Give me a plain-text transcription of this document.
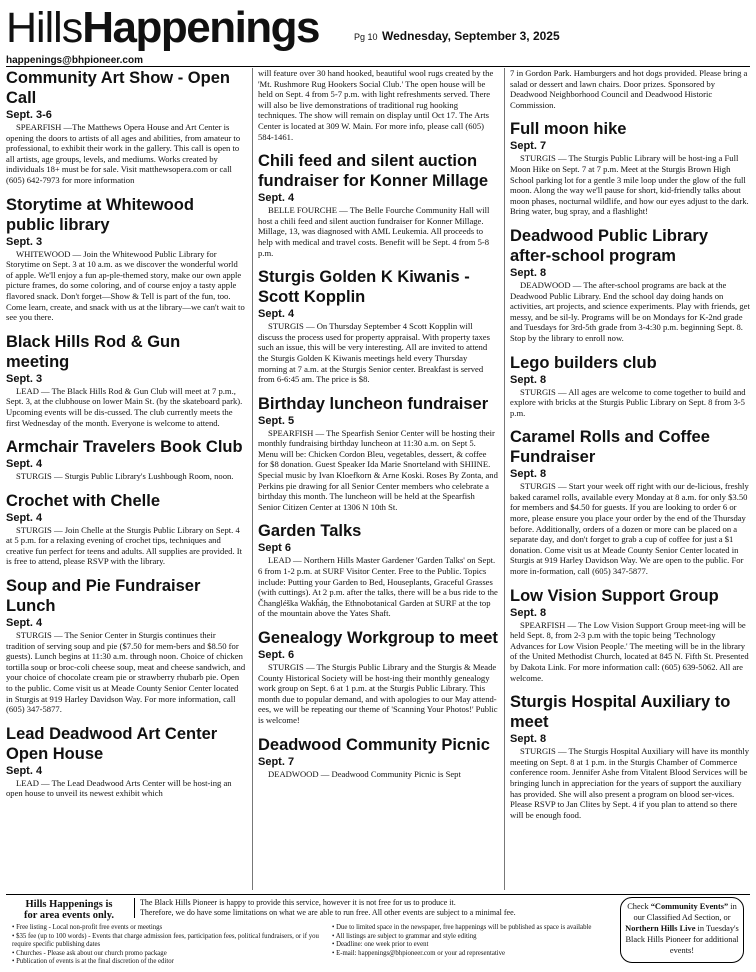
HillsHappenings	Pg 10 Wednesday, September 3, 2025
happenings@bhpioneer.com
Community Art Show - Open Call
Sept. 3-6

SPEARFISH —The Matthews Opera House and Art Center is opening the doors to artists of all ages and abilities, from amateur to professional, to exhibit their work in the gallery. This call is open to all artists, age groups, levels, and mediums. Works created by individuals 18+ must be for sale. Visit matthewsopera.com or call (605) 642-7973 for more information

Storytime at Whitewood public library
Sept. 3

WHITEWOOD — Join the Whitewood Public Library for Storytime on Sept. 3 at 10 a.m. as we discover the wonderful world of apple. We'll enjoy a fun ap-ple-themed story, make our own apple picture frames, do some coloring, and of course enjoy a tasty apple flavored snack. Don't forget—Show & Tell is part of the fun, too. Come learn, create, and snack with us at the library—we can't wait to see you there.

Black Hills Rod & Gun meeting
Sept. 3

LEAD — The Black Hills Rod & Gun Club will meet at 7 p.m., Sept. 3, at the clubhouse on lower Main St. (by the skateboard park). Upcoming events will be dis-cussed. The club currently meets the first Wednesday of the month. Everyone is welcome to attend.

Armchair Travelers Book Club
Sept. 4

STURGIS — Sturgis Public Library's Lushbough Room, noon.

Crochet with Chelle
Sept. 4

STURGIS — Join Chelle at the Sturgis Public Library on Sept. 4 at 5 p.m. for a relaxing evening of crochet tips, techniques and creative fun perfect for teens and adults. All supplies are provided. It is free to attend, please RSVP with the library.

Soup and Pie Fundraiser Lunch
Sept. 4

STURGIS — The Senior Center in Sturgis continues their tradition of serving soup and pie ($7.50 for mem-bers and $8.50 for guests). Lunch begins at 11:30 a.m. through noon. Choice of chicken tortilla soup or broc-coli cheese soup, meat and cheese sandwich, and your choice of chocolate cream pie or strawberry rhubarb pie. Open to the public. Come visit us at Meade County Senior Center located in Sturgis at 919 Harley Davidson Way. For more information, call (605) 347-5877.

Lead Deadwood Art Center Open House
Sept. 4

LEAD — The Lead Deadwood Arts Center will be host-ing an open house to unveil its newest exhibit which

will feature over 30 hand hooked, beautiful wool rugs created by the 'Mt. Rushmore Rug Hookers Social Club.' The open house will be held on Sept. 4 from 5-7 p.m. with light refreshments served. There will also be live demonstrations of traditional rug hooking techniques. The show will remain on display until Oct 17. The Arts Center is located at 309 W. Main. For more info, please call (605) 584-1461.

Chili feed and silent auction fundraiser for Konner Millage
Sept. 4

BELLE FOURCHE — The Belle Fourche Community Hall will host a chili feed and silent auction fundraiser for Konner Millage. Millage, 13, was diagnosed with AML Leukemia. All proceeds to help with medical and travel costs. Benefit will be Sept. 4 from 5-8 p.m.

Sturgis Golden K Kiwanis - Scott Kopplin
Sept. 4

STURGIS — On Thursday September 4 Scott Kopplin will discuss the process used for property appraisal. With property taxes such an issue, this will be very interesting. All are invited to attend the Sturgis Golden K Kiwanis meetings held every Thursday morning at 7 a.m. at the Sturgis Senior center. Breakfast is served from 6-6:45 am. The price is $8.

Birthday luncheon fundraiser
Sept. 5

SPEARFISH — The Spearfish Senior Center will be hosting their monthly fundraising birthday luncheon at 11:30 a.m. on Sept 5. Menu will be: Chicken Cordon Bleu, vegetables, dessert, & coffee for $8 donation. Guest Speaker Ida Marie Snorteland with SHIINE. Special music by Ivan Kloefkorn & Arne Koski. Roses By Zonta, and Perkins pie drawing for all Senior Center members who celebrate a birthday this month. The luncheon will be held at the Spearfish Senior Citizen Center at 1306 N 10th St.

Garden Talks
Sept 6

LEAD — Northern Hills Master Gardener 'Garden Talks' on Sept. 6 from 1-2 p.m. at SURF Visitor Center. Free to the Public. Topics include: Putting your Garden to Bed, Houseplants, Graceful Grasses (with cuttings). At 2 p.m. after the talks, there will be a bus ride to the Čhangléška Wakȟáŋ, the Ethnobotanical Garden at SURF at the top of the mountain above the Yates Shaft.

Genealogy Workgroup to meet
Sept. 6

STURGIS — The Sturgis Public Library and the Sturgis & Meade County Historical Society will be host-ing their monthly genealogy work group on Sept. 6 at 1 p.m. at the Sturgis Public Library. This month due to popular demand, and with apologies to our May attend-ees, we will be repeating our theme of 'Scanning Your Photos!' Public is welcome!

Deadwood Community Picnic
Sept. 7

DEADWOOD — Deadwood Community Picnic is Sept

7 in Gordon Park. Hamburgers and hot dogs provided. Please bring a salad or dessert and lawn chairs. Door prizes. Sponsored by Deadwood Neighborhood Council and Deadwood Historic Commission.

Full moon hike
Sept. 7

STURGIS — The Sturgis Public Library will be host-ing a Full Moon Hike on Sept. 7 at 7 p.m. Meet at the Sturgis Brown High School parking lot for a gentle 3 mile loop under the glow of the full moon. Along the way we'll pause for short, kid-friendly talks about moon phases, nocturnal wildlife, and how our eyes adjust to the dark. Bring water, bug spray, and a flashlight!

Deadwood Public Library after-school program
Sept. 8

DEADWOOD — The after-school programs are back at the Deadwood Public Library. End the school day doing hands on activities, art projects, and science experiments. Play with friends, get messy, and be sil-ly. Programs will be on Mondays for K-2nd grade and Tuesdays for 3rd-5th grade from 3-4:30 p.m. beginning Sept. 8. Stop by the library to enroll now.

Lego builders club
Sept. 8

STURGIS — All ages are welcome to come together to build and explore with bricks at the Sturgis Public Library on Sept. 8 from 3-5 p.m.

Caramel Rolls and Coffee Fundraiser
Sept. 8

STURGIS — Start your week off right with our de-licious, freshly baked caramel rolls, available every Monday at 8 a.m. for only $3.50 for members and $4.50 for guests. If you are looking to order 6 or more, please ensure you place your order by the end of the Thursday before. Additionally, orders of a dozen or more can be placed on a separate day, and don't forget to grab a cup of coffee for just a $1 donation. Come visit us at Meade County Senior Center located in Sturgis at 919 Harley Davidson Way. We are open to the public. For more in-formation, call (605) 347-5877.

Low Vision Support Group
Sept. 8

SPEARFISH — The Low Vision Support Group meet-ing will be held Sept. 8, from 2-3 p.m with the topic being 'Technology Advances for Low Vision People.' The meeting will be in the library of the United Methodist Church, located at 845 N. Fifth St. Presented by Dakota Link. For more information call: (605) 639-5062. All are welcome.

Sturgis Hospital Auxiliary to meet
Sept. 8

STURGIS — The Sturgis Hospital Auxiliary will have its monthly meeting on Sept. 8 at 1 p.m. in the Sturgis Chamber of Commerce conference room. Jennifer Ashe from Vitalent Blood Services will be bringing lunch in appreciation for the years of support the auxiliary has provided. She will also present a program on blood ser-vices. Please RSVP to Jan Clites by Sept. 4 if you plan to attend so there will be enough food.

Hills Happenings is
for area events only.
The Black Hills Pioneer is happy to provide this service, however it is not free for us to produce it.
Therefore, we do have some limitations on what we are able to run free. All other events are subject to a minimal fee.
• Free listing - Local non-profit free events or meetings
• $35 fee (up to 100 words) - Events that charge admission fees, participation fees, political fundraisers, or if you require specific publishing dates
• Churches - Please ask about our church promo package
• Publication of events is at the final discretion of the editor
• Due to limited space in the newspaper, free happenings will be published as space is available
• All listings are subject to grammar and style editing
• Deadline: one week prior to event
• E-mail: happenings@bhpioneer.com or your ad representative
Check “Community Events” in our Classified Ad Section, or Northern Hills Live in Tuesday's Black Hills Pioneer for additional events!
